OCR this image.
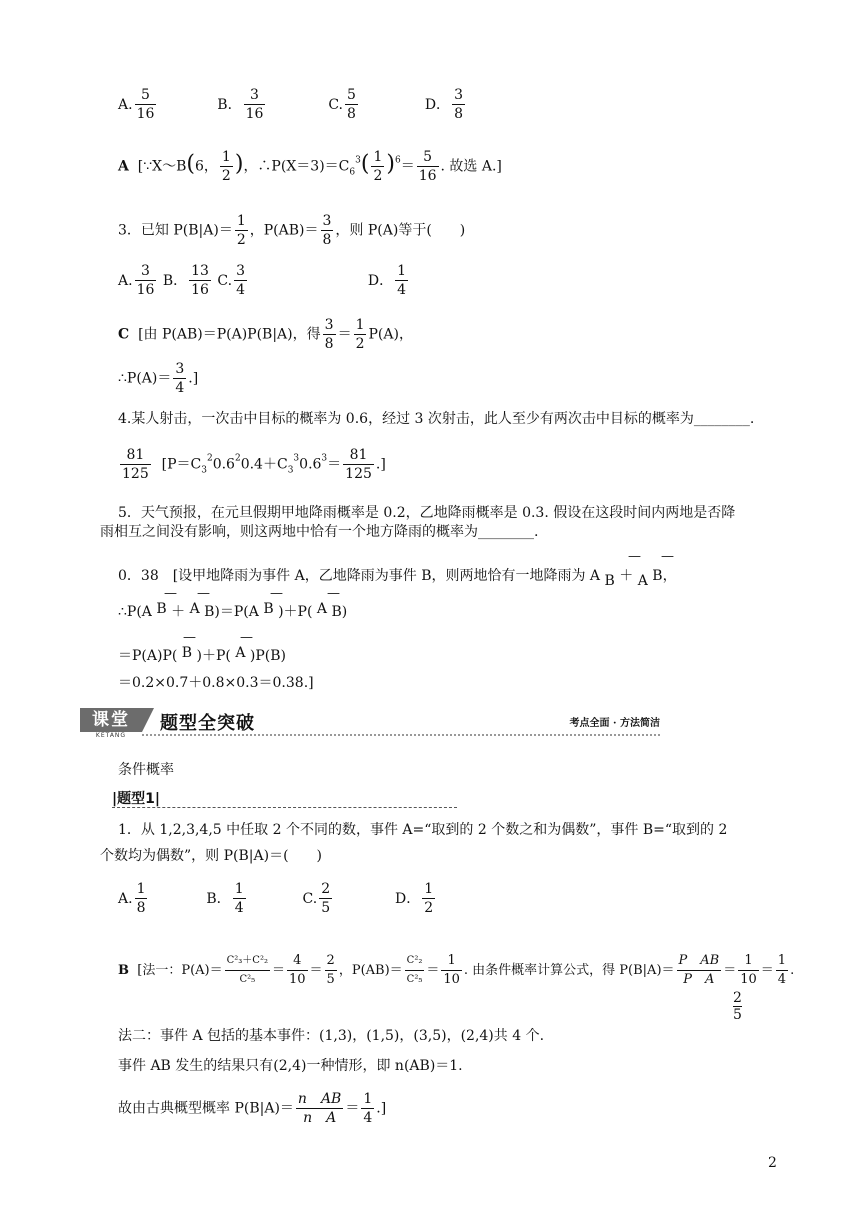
A. $\frac{5}{16}$	B． $\frac{3}{16}$	C. $\frac{5}{8}$	D． $\frac{3}{8}$
A [∵X～B(6， $\frac{1}{2}$ )，$\therefore P(X=3)=C_6^3( \frac{1}{2} )^6= \frac{5}{16}$ . 故选 A.]
3．已知 $P(B|A)= \frac{1}{2}$ ，$P(AB)= \frac{3}{8}$ ，则 P(A)等于(　　)
A. $\frac{3}{16}$ B． $\frac{13}{16} C$. $\frac{3}{4}$	D． $\frac{1}{4}$
C [由 P(AB)＝P(A)P(B|A)，得 $\frac{3}{8} = \frac{1}{2} P(A)$，
∴P(A)＝ $\frac{3}{4}$ .]
4.某人射击，一次击中目标的概率为 0.6，经过 3 次射击，此人至少有两次击中目标的概率为________.
$\frac{81}{125} [P=C_3^20.6^20.4+C_3^30.6^3= \frac{81}{125}$ .]
5．天气预报，在元旦假期甲地降雨概率是 0.2，乙地降雨概率是 0.3. 假设在这段时间内两地是否降
雨相互之间没有影响，则这两地中恰有一个地方降雨的概率为________.
0．38　[设甲地降雨为事件 A，乙地降雨为事件 B，则两地恰有一地降雨为 A B ＋ A B，
— —
∴P(A B ＋ A B)＝P(A B )＋P( A B)
— —	—	—
＝P(A)P( B )＋P( A )P(B)
—	—
＝0.2×0.7＋0.8×0.3＝0.38.]
课堂
KETANG
题型全突破	考点全面 · 方法简洁
条件概率
|题型1|
1．从 1,2,3,4,5 中任取 2 个不同的数，事件 A=“取到的 2 个数之和为偶数”，事件 B=“取到的 2
个数均为偶数”，则 P(B|A)＝(　　)
A. $\frac{1}{8}$	B． $\frac{1}{4}$	C. $\frac{2}{5}$	D． $\frac{1}{2}$
B [法一：$P(A)= \frac{\text{C²₃＋C²₂}}{\text{C²₅}} = \frac{4}{10} = \frac{2}{5}$ ，$P(AB)= \frac{\text{C²₂}}{\text{C²₅}} = \frac{1}{10}$ . 由条件概率计算公式，得 $P(B|A)= \frac{\text{P　AB}}{\text{P　A}} = \frac{1}{10} = \frac{1}{4}$ .
2
5
法二：事件 A 包括的基本事件：(1,3)，(1,5)，(3,5)，(2,4)共 4 个.
事件 AB 发生的结果只有(2,4)一种情形，即 n(AB)＝1.
故由古典概型概率 $P(B|A)= \frac{\text{n　AB}}{\text{n　A}} = \frac{1}{4}$ .]
2
